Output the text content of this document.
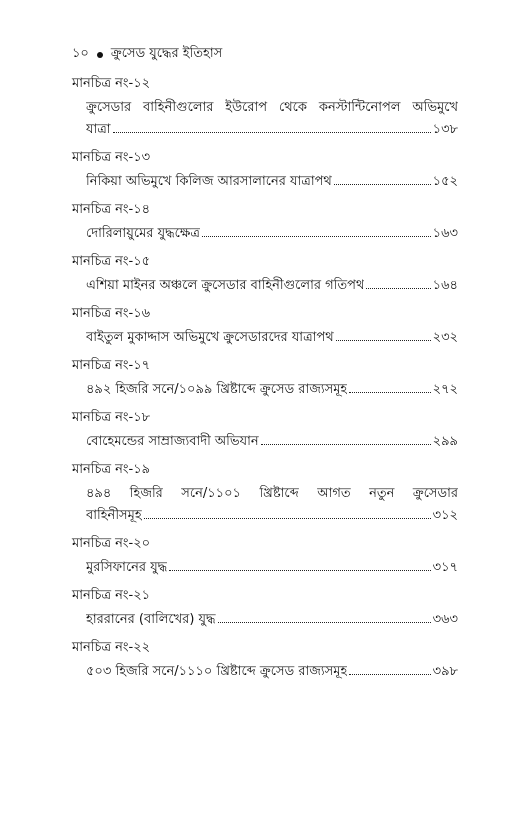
১০ ক্রুসেড যুদ্ধের ইতিহাস

মানচিত্র নং-১২

ক্রুসেডার বাহিনীগুলোর ইউরোপ থেকে কনস্টান্টিনোপল অভিমুখে
যাত্রা	১৩৮

মানচিত্র নং-১৩

নিকিয়া অভিমুখে কিলিজ আরসালানের যাত্রাপথ	১৫২

মানচিত্র নং-১৪

দোরিলায়ুমের যুদ্ধক্ষেত্র	১৬৩

মানচিত্র নং-১৫

এশিয়া মাইনর অঞ্চলে ক্রুসেডার বাহিনীগুলোর গতিপথ	১৬৪

মানচিত্র নং-১৬

বাইতুল মুকাদ্দাস অভিমুখে ক্রুসেডারদের যাত্রাপথ	২৩২

মানচিত্র নং-১৭

৪৯২ হিজরি সনে/১০৯৯ খ্রিষ্টাব্দে ক্রুসেড রাজ্যসমূহ	২৭২

মানচিত্র নং-১৮

বোহেমন্ডের সাম্রাজ্যবাদী অভিযান	২৯৯

মানচিত্র নং-১৯

৪৯৪ হিজরি সনে/১১০১ খ্রিষ্টাব্দে আগত নতুন ক্রুসেডার
বাহিনীসমূহ	৩১২

মানচিত্র নং-২০

মুরসিফানের যুদ্ধ	৩১৭

মানচিত্র নং-২১

হাররানের (বালিখের) যুদ্ধ	৩৬৩

মানচিত্র নং-২২

৫০৩ হিজরি সনে/১১১০ খ্রিষ্টাব্দে ক্রুসেড রাজ্যসমূহ	৩৯৮
